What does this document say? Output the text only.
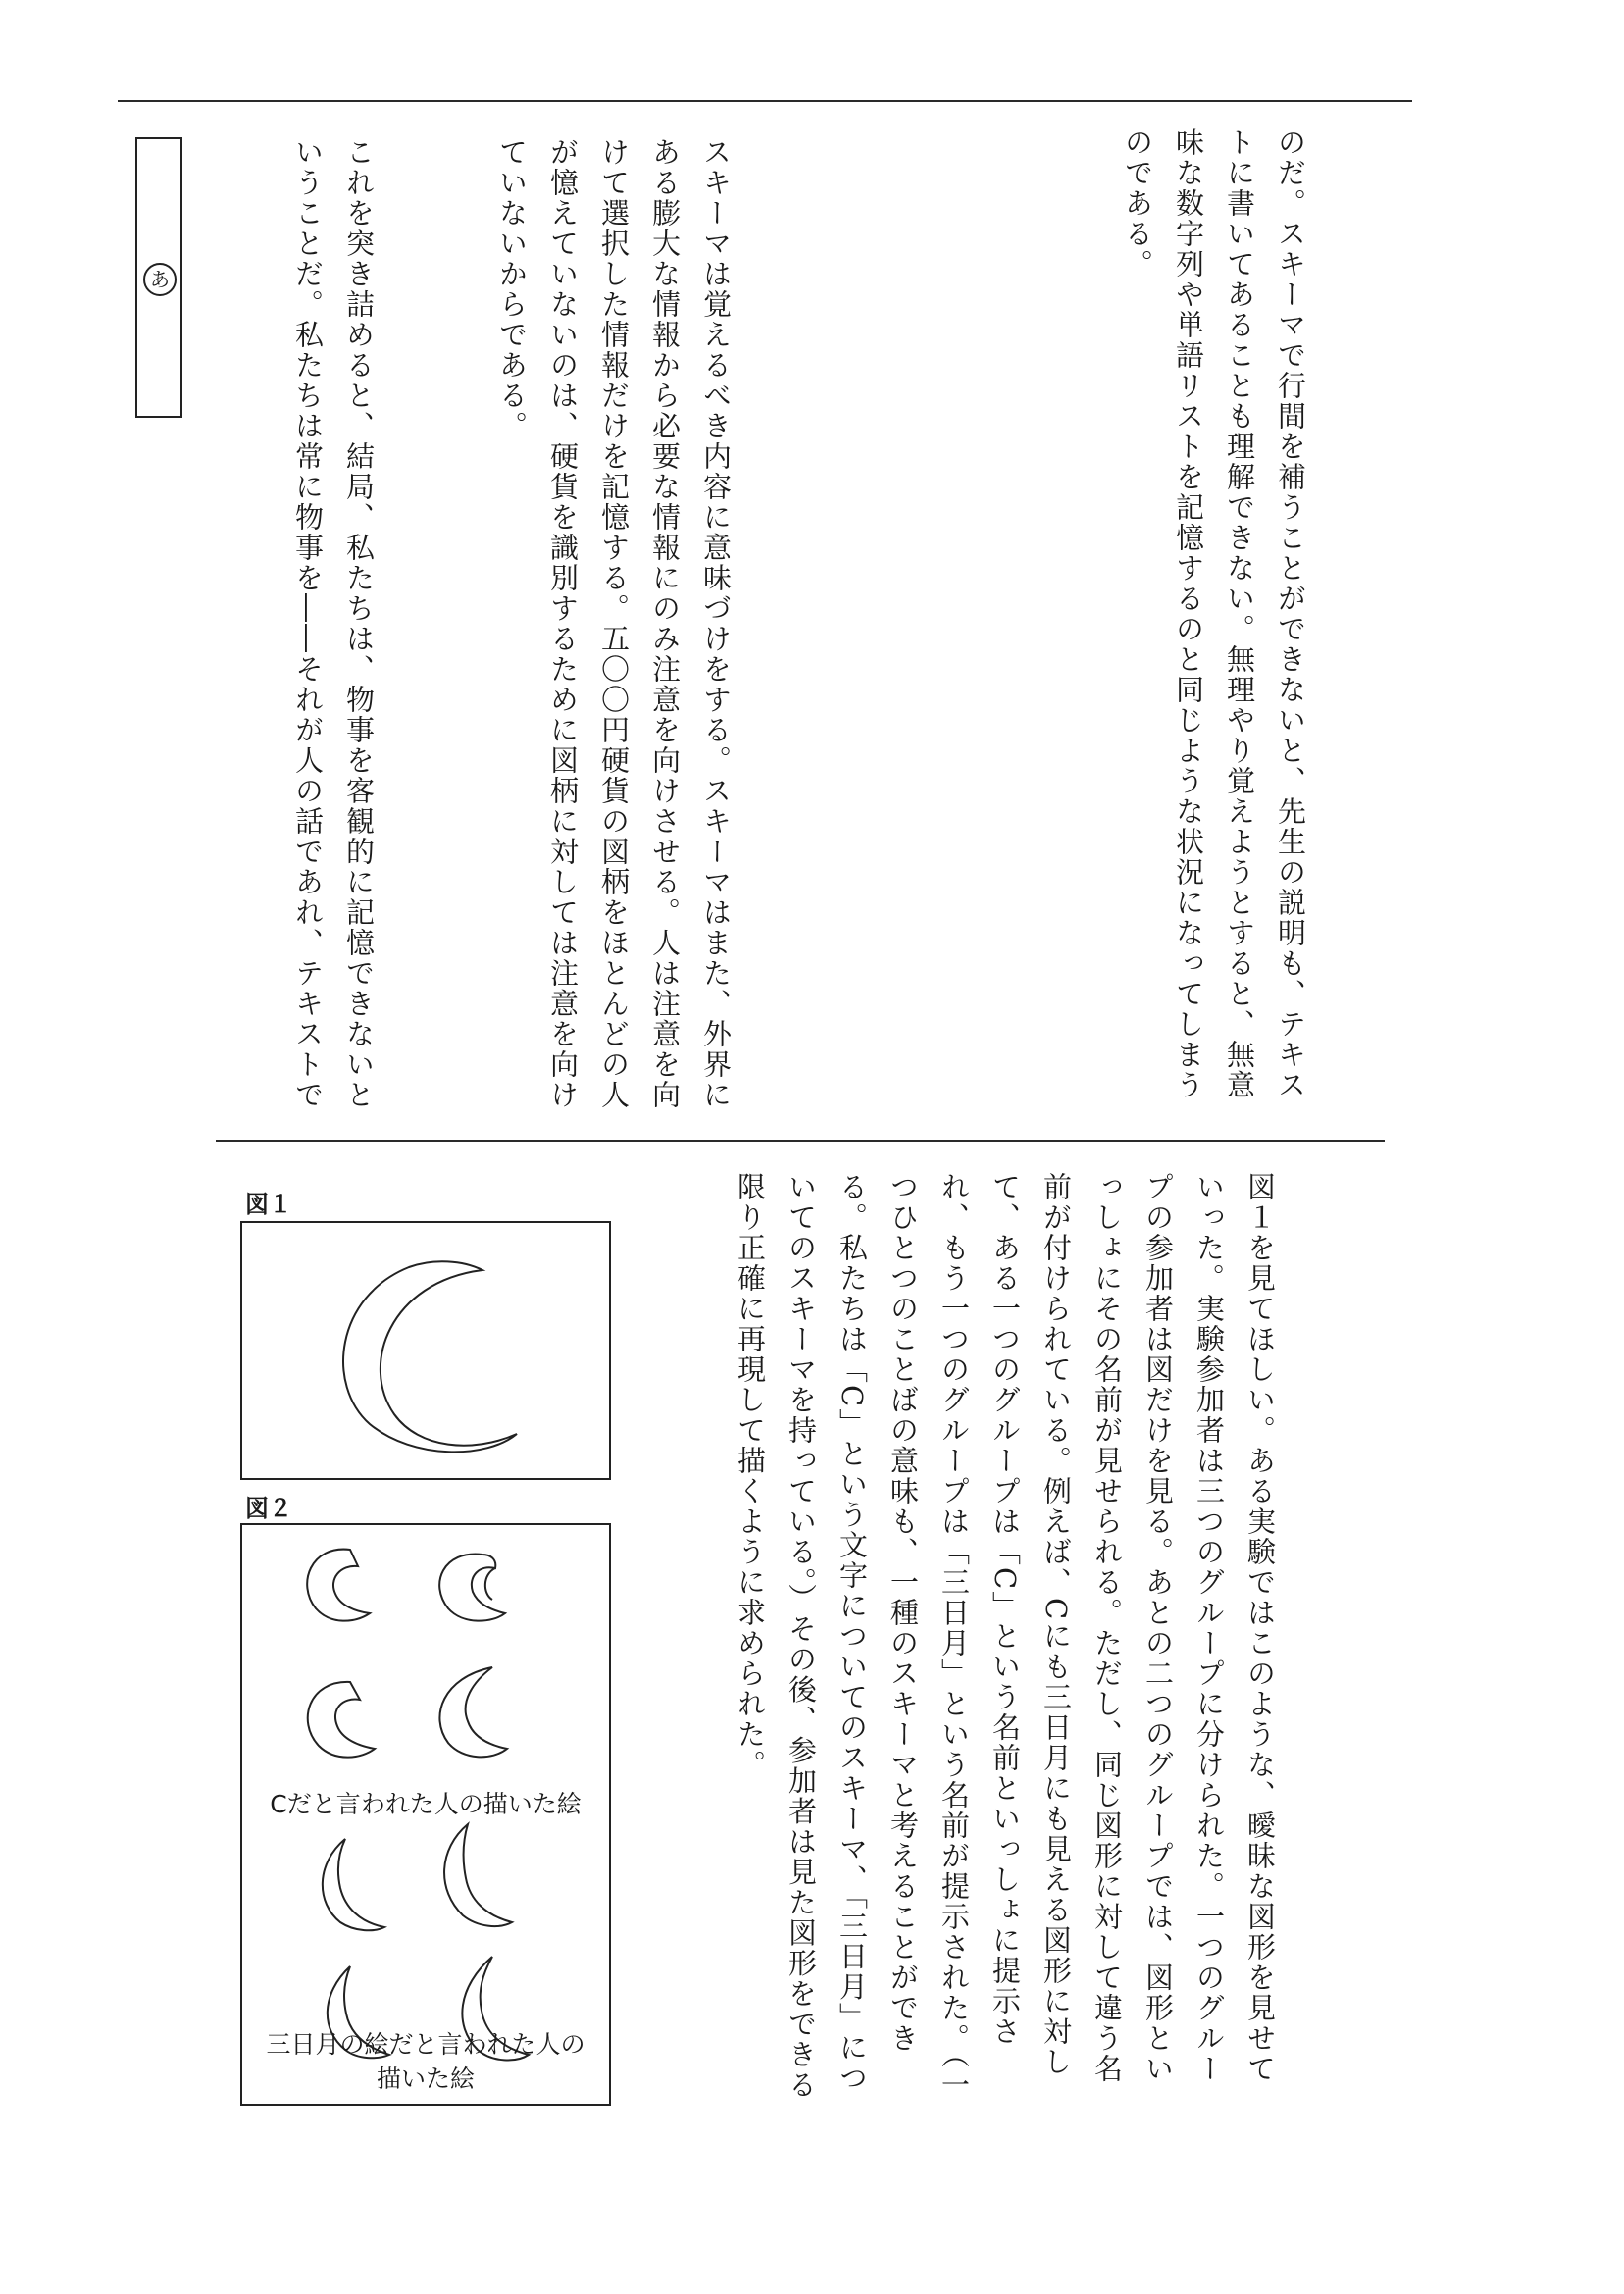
のだ。スキーマで行間を補うことができないと、先生の説明も、テキストに書いてあることも理解できない。無理やり覚えようとすると、無意味な数字列や単語リストを記憶するのと同じような状況になってしまうのである。

スキーマは覚えるべき内容に意味づけをする。スキーマはまた、外界にある膨大な情報から必要な情報にのみ注意を向けさせる。人は注意を向けて選択した情報だけを記憶する。五〇〇円硬貨の図柄をほとんどの人が憶えていないのは、硬貨を識別するために図柄に対しては注意を向けていないからである。

これを突き詰めると、結局、私たちは、物事を客観的に記憶できないということだ。私たちは常に物事を――それが人の話であれ、テキストで

あ

図１を見てほしい。ある実験ではこのような、曖昧な図形を見せていった。実験参加者は三つのグループに分けられた。一つのグループの参加者は図だけを見る。あとの二つのグループでは、図形といっしょにその名前が見せられる。ただし、同じ図形に対して違う名前が付けられている。例えば、Cにも三日月にも見える図形に対して、ある一つのグループは「C」という名前といっしょに提示され、もう一つのグループは「三日月」という名前が提示された。（一つひとつのことばの意味も、一種のスキーマと考えることができる。私たちは「C」という文字についてのスキーマ、「三日月」についてのスキーマを持っている。）その後、参加者は見た図形をできる限り正確に再現して描くように求められた。

図１
図２
Cだと言われた人の描いた絵
三日月の絵だと言われた人の
描いた絵
